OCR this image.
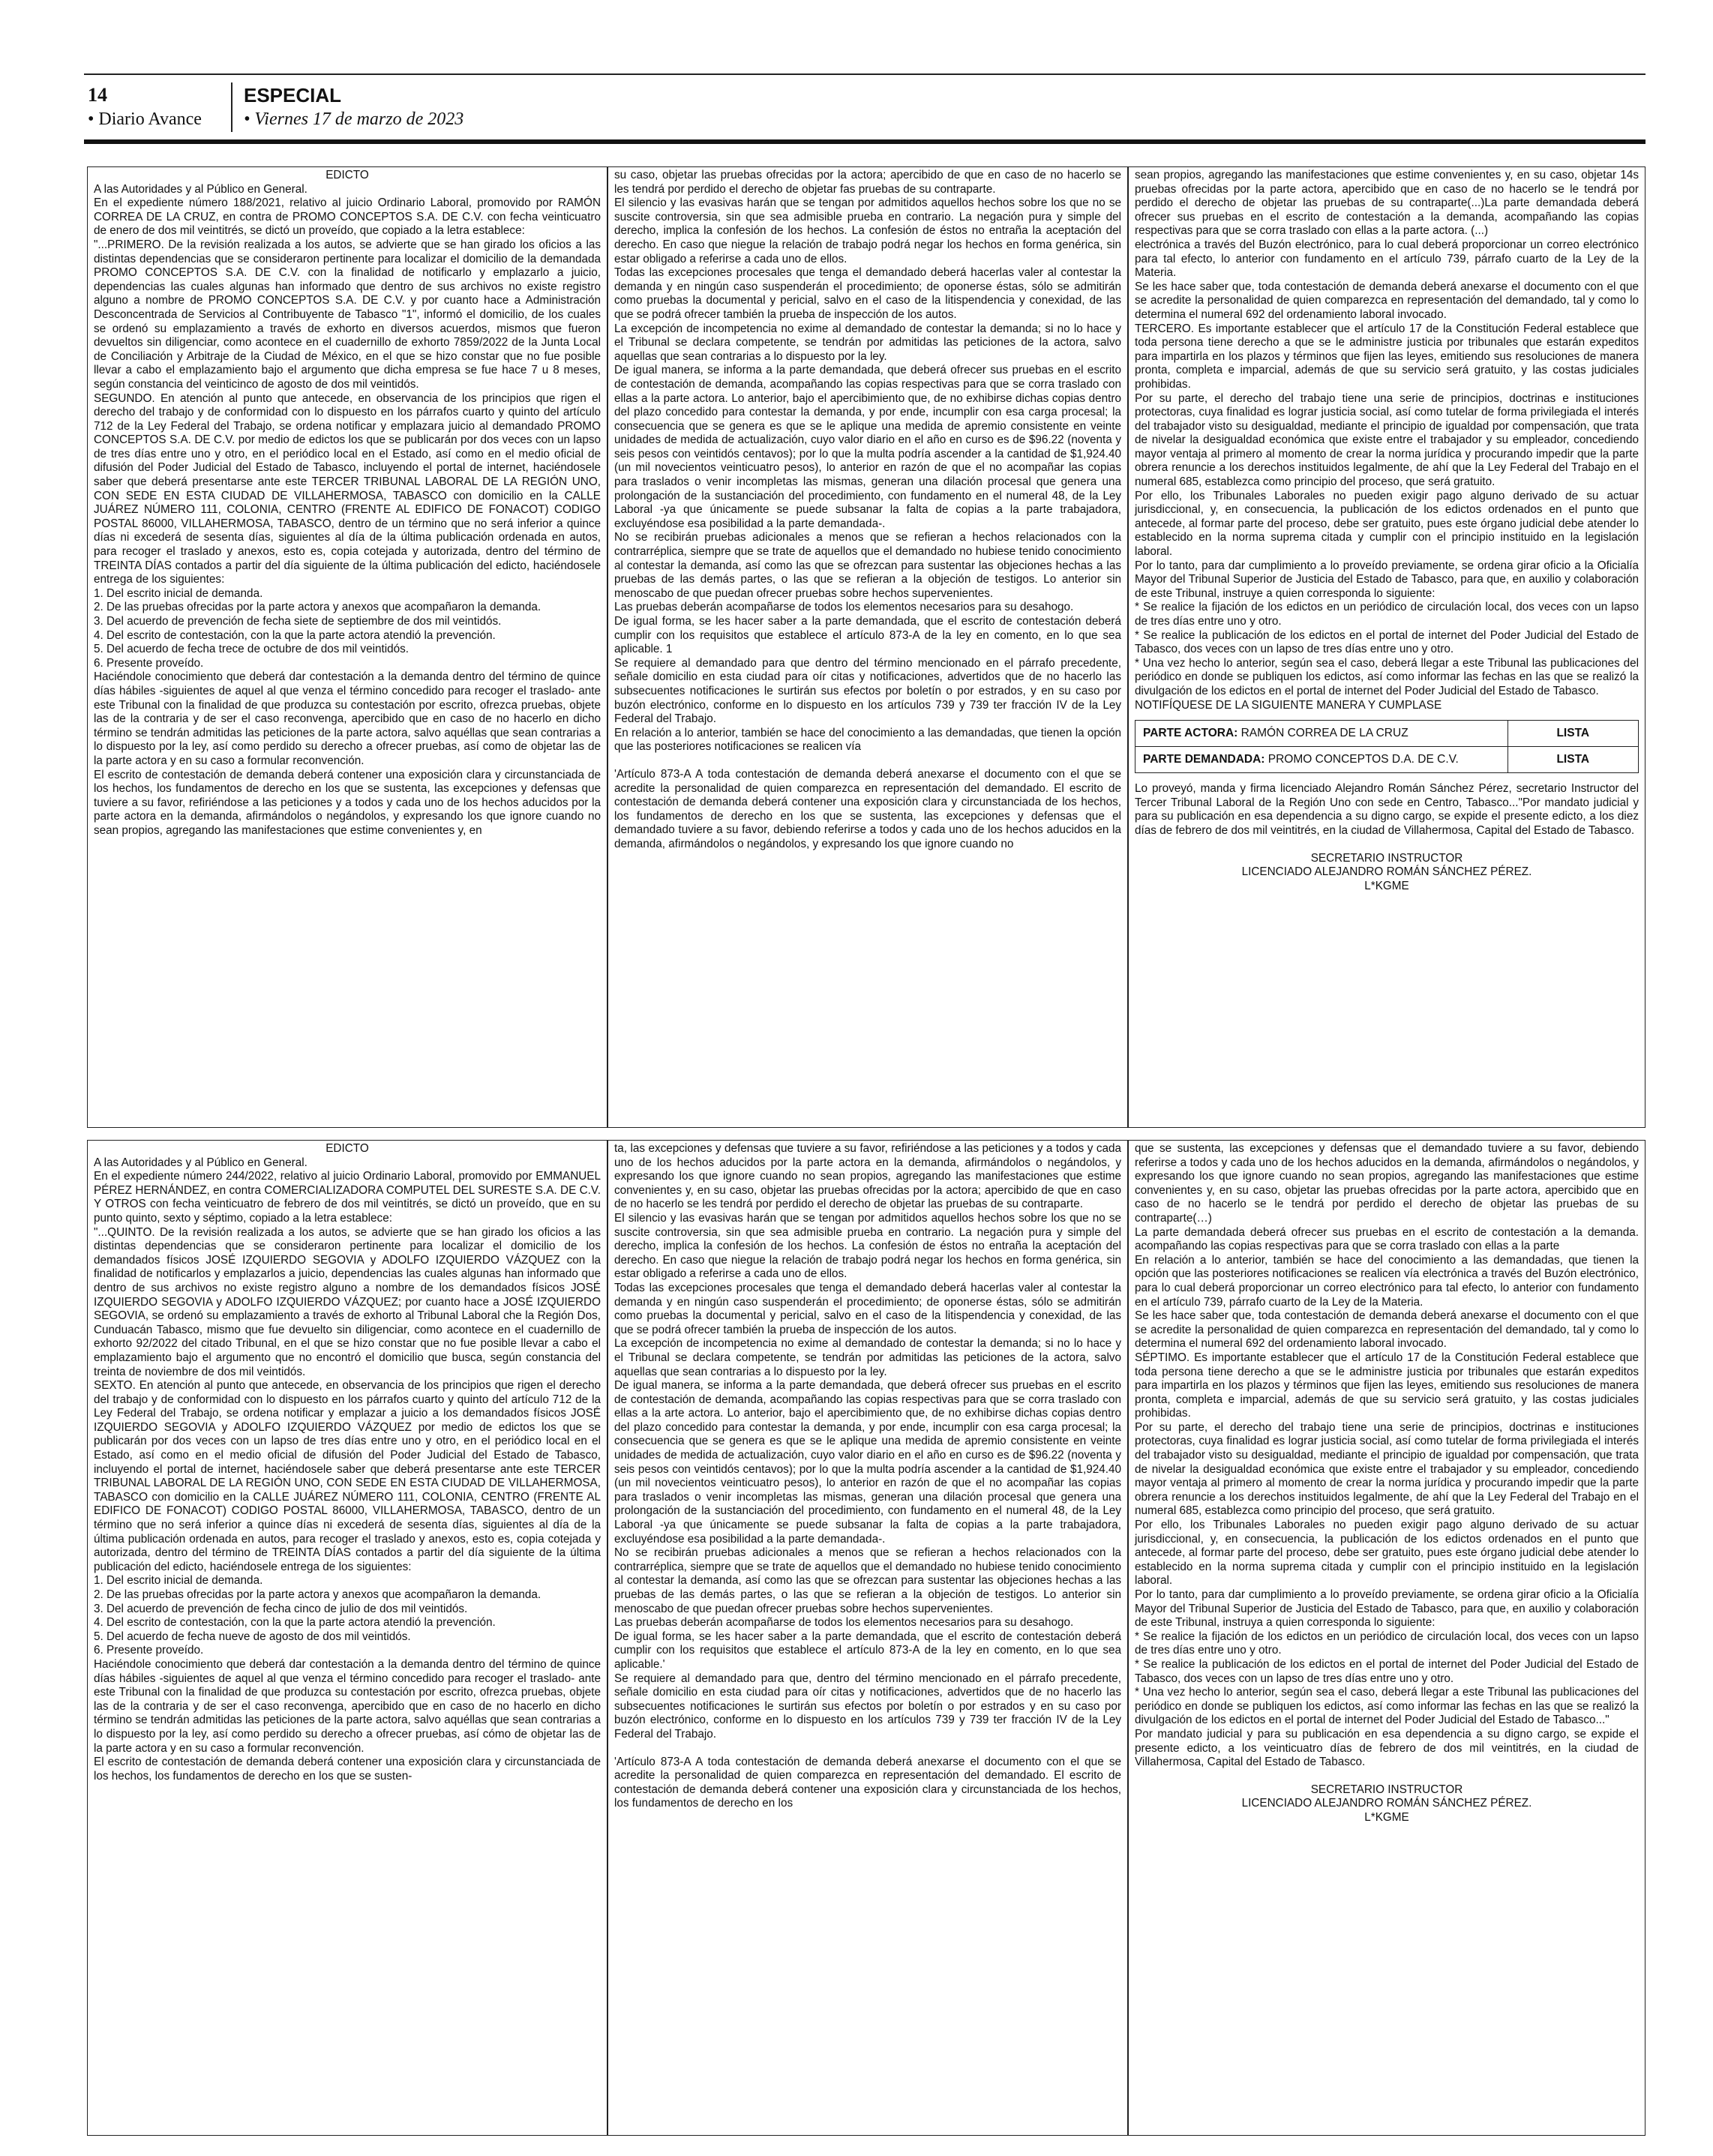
14
• Diario Avance
ESPECIAL
• Viernes 17 de marzo de 2023

EDICTO

A las Autoridades y al Público en General.

En el expediente número 188/2021, relativo al juicio Ordinario Laboral, promovido por RAMÓN CORREA DE LA CRUZ, en contra de PROMO CONCEPTOS S.A. DE C.V. con fecha veinticuatro de enero de dos mil veintitrés, se dictó un proveído, que copiado a la letra establece:

"...PRIMERO. De la revisión realizada a los autos, se advierte que se han girado los oficios a las distintas dependencias que se consideraron pertinente para localizar el domicilio de la demandada PROMO CONCEPTOS S.A. DE C.V. con la finalidad de notificarlo y emplazarlo a juicio, dependencias las cuales algunas han informado que dentro de sus archivos no existe registro alguno a nombre de PROMO CONCEPTOS S.A. DE C.V. y por cuanto hace a Administración Desconcentrada de Servicios al Contribuyente de Tabasco "1", informó el domicilio, de los cuales se ordenó su emplazamiento a través de exhorto en diversos acuerdos, mismos que fueron devueltos sin diligenciar, como acontece en el cuadernillo de exhorto 7859/2022 de la Junta Local de Conciliación y Arbitraje de la Ciudad de México, en el que se hizo constar que no fue posible llevar a cabo el emplazamiento bajo el argumento que dicha empresa se fue hace 7 u 8 meses, según constancia del veinticinco de agosto de dos mil veintidós.

SEGUNDO. En atención al punto que antecede, en observancia de los principios que rigen el derecho del trabajo y de conformidad con lo dispuesto en los párrafos cuarto y quinto del artículo 712 de la Ley Federal del Trabajo, se ordena notificar y emplazara juicio al demandado PROMO CONCEPTOS S.A. DE C.V. por medio de edictos los que se publicarán por dos veces con un lapso de tres días entre uno y otro, en el periódico local en el Estado, así como en el medio oficial de difusión del Poder Judicial del Estado de Tabasco, incluyendo el portal de internet, haciéndosele saber que deberá presentarse ante este TERCER TRIBUNAL LABORAL DE LA REGIÓN UNO, CON SEDE EN ESTA CIUDAD DE VILLAHERMOSA, TABASCO con domicilio en la CALLE JUÁREZ NÚMERO 111, COLONIA, CENTRO (FRENTE AL EDIFICO DE FONACOT) CODIGO POSTAL 86000, VILLAHERMOSA, TABASCO, dentro de un término que no será inferior a quince días ni excederá de sesenta días, siguientes al día de la última publicación ordenada en autos, para recoger el traslado y anexos, esto es, copia cotejada y autorizada, dentro del término de TREINTA DÍAS contados a partir del día siguiente de la última publicación del edicto, haciéndosele entrega de los siguientes:

1. Del escrito inicial de demanda.

2. De las pruebas ofrecidas por la parte actora y anexos que acompañaron la demanda.

3. Del acuerdo de prevención de fecha siete de septiembre de dos mil veintidós.

4. Del escrito de contestación, con la que la parte actora atendió la prevención.

5. Del acuerdo de fecha trece de octubre de dos mil veintidós.

6. Presente proveído.

Haciéndole conocimiento que deberá dar contestación a la demanda dentro del término de quince días hábiles -siguientes de aquel al que venza el término concedido para recoger el traslado- ante este Tribunal con la finalidad de que produzca su contestación por escrito, ofrezca pruebas, objete las de la contraria y de ser el caso reconvenga, apercibido que en caso de no hacerlo en dicho término se tendrán admitidas las peticiones de la parte actora, salvo aquéllas que sean contrarias a lo dispuesto por la ley, así como perdido su derecho a ofrecer pruebas, así como de objetar las de la parte actora y en su caso a formular reconvención.

El escrito de contestación de demanda deberá contener una exposición clara y circunstanciada de los hechos, los fundamentos de derecho en los que se sustenta, las excepciones y defensas que tuviere a su favor, refiriéndose a las peticiones y a todos y cada uno de los hechos aducidos por la parte actora en la demanda, afirmándolos o negándolos, y expresando los que ignore cuando no sean propios, agregando las manifestaciones que estime convenientes y, en

su caso, objetar las pruebas ofrecidas por la actora; apercibido de que en caso de no hacerlo se les tendrá por perdido el derecho de objetar fas pruebas de su contraparte.

El silencio y las evasivas harán que se tengan por admitidos aquellos hechos sobre los que no se suscite controversia, sin que sea admisible prueba en contrario. La negación pura y simple del derecho, implica la confesión de los hechos. La confesión de éstos no entraña la aceptación del derecho. En caso que niegue la relación de trabajo podrá negar los hechos en forma genérica, sin estar obligado a referirse a cada uno de ellos.

Todas las excepciones procesales que tenga el demandado deberá hacerlas valer al contestar la demanda y en ningún caso suspenderán el procedimiento; de oponerse éstas, sólo se admitirán como pruebas la documental y pericial, salvo en el caso de la litispendencia y conexidad, de las que se podrá ofrecer también la prueba de inspección de los autos.

La excepción de incompetencia no exime al demandado de contestar la demanda; si no lo hace y el Tribunal se declara competente, se tendrán por admitidas las peticiones de la actora, salvo aquellas que sean contrarias a lo dispuesto por la ley.

De igual manera, se informa a la parte demandada, que deberá ofrecer sus pruebas en el escrito de contestación de demanda, acompañando las copias respectivas para que se corra traslado con ellas a la parte actora. Lo anterior, bajo el apercibimiento que, de no exhibirse dichas copias dentro del plazo concedido para contestar la demanda, y por ende, incumplir con esa carga procesal; la consecuencia que se genera es que se le aplique una medida de apremio consistente en veinte unidades de medida de actualización, cuyo valor diario en el año en curso es de $96.22 (noventa y seis pesos con veintidós centavos); por lo que la multa podría ascender a la cantidad de $1,924.40 (un mil novecientos veinticuatro pesos), lo anterior en razón de que el no acompañar las copias para traslados o venir incompletas las mismas, generan una dilación procesal que genera una prolongación de la sustanciación del procedimiento, con fundamento en el numeral 48, de la Ley Laboral -ya que únicamente se puede subsanar la falta de copias a la parte trabajadora, excluyéndose esa posibilidad a la parte demandada-.

No se recibirán pruebas adicionales a menos que se refieran a hechos relacionados con la contrarréplica, siempre que se trate de aquellos que el demandado no hubiese tenido conocimiento al contestar la demanda, así como las que se ofrezcan para sustentar las objeciones hechas a las pruebas de las demás partes, o las que se refieran a la objeción de testigos. Lo anterior sin menoscabo de que puedan ofrecer pruebas sobre hechos supervenientes.

Las pruebas deberán acompañarse de todos los elementos necesarios para su desahogo.

De igual forma, se les hacer saber a la parte demandada, que el escrito de contestación deberá cumplir con los requisitos que establece el artículo 873-A de la ley en comento, en lo que sea aplicable. 1

Se requiere al demandado para que dentro del término mencionado en el párrafo precedente, señale domicilio en esta ciudad para oír citas y notificaciones, advertidos que de no hacerlo las subsecuentes notificaciones le surtirán sus efectos por boletín o por estrados, y en su caso por buzón electrónico, conforme en lo dispuesto en los artículos 739 y 739 ter fracción IV de la Ley Federal del Trabajo.

En relación a lo anterior, también se hace del conocimiento a las demandadas, que tienen la opción que las posteriores notificaciones se realicen vía

'Artículo 873-A A toda contestación de demanda deberá anexarse el documento con el que se acredite la personalidad de quien comparezca en representación del demandado. El escrito de contestación de demanda deberá contener una exposición clara y circunstanciada de los hechos, los fundamentos de derecho en los que se sustenta, las excepciones y defensas que el demandado tuviere a su favor, debiendo referirse a todos y cada uno de los hechos aducidos en la demanda, afirmándolos o negándolos, y expresando los que ignore cuando no

sean propios, agregando las manifestaciones que estime convenientes y, en su caso, objetar 14s pruebas ofrecidas por la parte actora, apercibido que en caso de no hacerlo se le tendrá por perdido el derecho de objetar las pruebas de su contraparte(...)La parte demandada deberá ofrecer sus pruebas en el escrito de contestación a la demanda, acompañando las copias respectivas para que se corra traslado con ellas a la parte actora. (...)

electrónica a través del Buzón electrónico, para lo cual deberá proporcionar un correo electrónico para tal efecto, lo anterior con fundamento en el artículo 739, párrafo cuarto de la Ley de la Materia.

Se les hace saber que, toda contestación de demanda deberá anexarse el documento con el que se acredite la personalidad de quien comparezca en representación del demandado, tal y como lo determina el numeral 692 del ordenamiento laboral invocado.

TERCERO. Es importante establecer que el artículo 17 de la Constitución Federal establece que toda persona tiene derecho a que se le administre justicia por tribunales que estarán expeditos para impartirla en los plazos y términos que fijen las leyes, emitiendo sus resoluciones de manera pronta, completa e imparcial, además de que su servicio será gratuito, y las costas judiciales prohibidas.

Por su parte, el derecho del trabajo tiene una serie de principios, doctrinas e instituciones protectoras, cuya finalidad es lograr justicia social, así como tutelar de forma privilegiada el interés del trabajador visto su desigualdad, mediante el principio de igualdad por compensación, que trata de nivelar la desigualdad económica que existe entre el trabajador y su empleador, concediendo mayor ventaja al primero al momento de crear la norma jurídica y procurando impedir que la parte obrera renuncie a los derechos instituidos legalmente, de ahí que la Ley Federal del Trabajo en el numeral 685, establezca como principio del proceso, que será gratuito.

Por ello, los Tribunales Laborales no pueden exigir pago alguno derivado de su actuar jurisdiccional, y, en consecuencia, la publicación de los edictos ordenados en el punto que antecede, al formar parte del proceso, debe ser gratuito, pues este órgano judicial debe atender lo establecido en la norma suprema citada y cumplir con el principio instituido en la legislación laboral.

Por lo tanto, para dar cumplimiento a lo proveído previamente, se ordena girar oficio a la Oficialía Mayor del Tribunal Superior de Justicia del Estado de Tabasco, para que, en auxilio y colaboración de este Tribunal, instruye a quien corresponda lo siguiente:

* Se realice la fijación de los edictos en un periódico de circulación local, dos veces con un lapso de tres días entre uno y otro.

* Se realice la publicación de los edictos en el portal de internet del Poder Judicial del Estado de Tabasco, dos veces con un lapso de tres días entre uno y otro.

* Una vez hecho lo anterior, según sea el caso, deberá llegar a este Tribunal las publicaciones del periódico en donde se publiquen los edictos, así como informar las fechas en las que se realizó la divulgación de los edictos en el portal de internet del Poder Judicial del Estado de Tabasco.

NOTIFÍQUESE DE LA SIGUIENTE MANERA Y CUMPLASE

PARTE ACTORA: RAMÓN CORREA DE LA CRUZ	LISTA
PARTE DEMANDADA: PROMO CONCEPTOS D.A. DE C.V.	LISTA

Lo proveyó, manda y firma licenciado Alejandro Román Sánchez Pérez, secretario Instructor del Tercer Tribunal Laboral de la Región Uno con sede en Centro, Tabasco..."Por mandato judicial y para su publicación en esa dependencia a su digno cargo, se expide el presente edicto, a los diez días de febrero de dos mil veintitrés, en la ciudad de Villahermosa, Capital del Estado de Tabasco.

SECRETARIO INSTRUCTOR

LICENCIADO ALEJANDRO ROMÁN SÁNCHEZ PÉREZ.

L*KGME

EDICTO

A las Autoridades y al Público en General.

En el expediente número 244/2022, relativo al juicio Ordinario Laboral, promovido por EMMANUEL PÉREZ HERNÁNDEZ, en contra COMERCIALIZADORA COMPUTEL DEL SURESTE S.A. DE C.V. Y OTROS con fecha veinticuatro de febrero de dos mil veintitrés, se dictó un proveído, que en su punto quinto, sexto y séptimo, copiado a la letra establece:

"...QUINTO. De la revisión realizada a los autos, se advierte que se han girado los oficios a las distintas dependencias que se consideraron pertinente para localizar el domicilio de los demandados físicos JOSÉ IZQUIERDO SEGOVIA y ADOLFO IZQUIERDO VÁZQUEZ con la finalidad de notificarlos y emplazarlos a juicio, dependencias las cuales algunas han informado que dentro de sus archivos no existe registro alguno a nombre de los demandados físicos JOSÉ IZQUIERDO SEGOVIA y ADOLFO IZQUIERDO VÁZQUEZ; por cuanto hace a JOSÉ IZQUIERDO SEGOVIA, se ordenó su emplazamiento a través de exhorto al Tribunal Laboral che la Región Dos, Cunduacán Tabasco, mismo que fue devuelto sin diligenciar, como acontece en el cuadernillo de exhorto 92/2022 del citado Tribunal, en el que se hizo constar que no fue posible llevar a cabo el emplazamiento bajo el argumento que no encontró el domicilio que busca, según constancia del treinta de noviembre de dos mil veintidós.

SEXTO. En atención al punto que antecede, en observancia de los principios que rigen el derecho del trabajo y de conformidad con lo dispuesto en los párrafos cuarto y quinto del artículo 712 de la Ley Federal del Trabajo, se ordena notificar y emplazar a juicio a los demandados físicos JOSÉ IZQUIERDO SEGOVIA y ADOLFO IZQUIERDO VÁZQUEZ por medio de edictos los que se publicarán por dos veces con un lapso de tres días entre uno y otro, en el periódico local en el Estado, así como en el medio oficial de difusión del Poder Judicial del Estado de Tabasco, incluyendo el portal de internet, haciéndosele saber que deberá presentarse ante este TERCER TRIBUNAL LABORAL DE LA REGIÓN UNO, CON SEDE EN ESTA CIUDAD DE VILLAHERMOSA, TABASCO con domicilio en la CALLE JUÁREZ NÚMERO 111, COLONIA, CENTRO (FRENTE AL EDIFICO DE FONACOT) CODIGO POSTAL 86000, VILLAHERMOSA, TABASCO, dentro de un término que no será inferior a quince días ni excederá de sesenta días, siguientes al día de la última publicación ordenada en autos, para recoger el traslado y anexos, esto es, copia cotejada y autorizada, dentro del término de TREINTA DÍAS contados a partir del día siguiente de la última publicación del edicto, haciéndosele entrega de los siguientes:

1. Del escrito inicial de demanda.

2. De las pruebas ofrecidas por la parte actora y anexos que acompañaron la demanda.

3. Del acuerdo de prevención de fecha cinco de julio de dos mil veintidós.

4. Del escrito de contestación, con la que la parte actora atendió la prevención.

5. Del acuerdo de fecha nueve de agosto de dos mil veintidós.

6. Presente proveído.

Haciéndole conocimiento que deberá dar contestación a la demanda dentro del término de quince días hábiles -siguientes de aquel al que venza el término concedido para recoger el traslado- ante este Tribunal con la finalidad de que produzca su contestación por escrito, ofrezca pruebas, objete las de la contraria y de ser el caso reconvenga, apercibido que en caso de no hacerlo en dicho término se tendrán admitidas las peticiones de la parte actora, salvo aquéllas que sean contrarias a lo dispuesto por la ley, así como perdido su derecho a ofrecer pruebas, así cómo de objetar las de la parte actora y en su caso a formular reconvención.

El escrito de contestación de demanda deberá contener una exposición clara y circunstanciada de los hechos, los fundamentos de derecho en los que se susten-

ta, las excepciones y defensas que tuviere a su favor, refiriéndose a las peticiones y a todos y cada uno de los hechos aducidos por la parte actora en la demanda, afirmándolos o negándolos, y expresando los que ignore cuando no sean propios, agregando las manifestaciones que estime convenientes y, en su caso, objetar las pruebas ofrecidas por la actora; apercibido de que en caso de no hacerlo se les tendrá por perdido el derecho de objetar las pruebas de su contraparte.

El silencio y las evasivas harán que se tengan por admitidos aquellos hechos sobre los que no se suscite controversia, sin que sea admisible prueba en contrario. La negación pura y simple del derecho, implica la confesión de los hechos. La confesión de éstos no entraña la aceptación del derecho. En caso que niegue la relación de trabajo podrá negar los hechos en forma genérica, sin estar obligado a referirse a cada uno de ellos.

Todas las excepciones procesales que tenga el demandado deberá hacerlas valer al contestar la demanda y en ningún caso suspenderán el procedimiento; de oponerse éstas, sólo se admitirán como pruebas la documental y pericial, salvo en el caso de la litispendencia y conexidad, de las que se podrá ofrecer también la prueba de inspección de los autos.

La excepción de incompetencia no exime al demandado de contestar la demanda; si no lo hace y el Tribunal se declara competente, se tendrán por admitidas las peticiones de la actora, salvo aquellas que sean contrarias a lo dispuesto por la ley.

De igual manera, se informa a la parte demandada, que deberá ofrecer sus pruebas en el escrito de contestación de demanda, acompañando las copias respectivas para que se corra traslado con ellas a la arte actora. Lo anterior, bajo el apercibimiento que, de no exhibirse dichas copias dentro del plazo concedido para contestar la demanda, y por ende, incumplir con esa carga procesal; la consecuencia que se genera es que se le aplique una medida de apremio consistente en veinte unidades de medida de actualización, cuyo valor diario en el año en curso es de $96.22 (noventa y seis pesos con veintidós centavos); por lo que la multa podría ascender a la cantidad de $1,924.40 (un mil novecientos veinticuatro pesos), lo anterior en razón de que el no acompañar las copias para traslados o venir incompletas las mismas, generan una dilación procesal que genera una prolongación de la sustanciación del procedimiento, con fundamento en el numeral 48, de la Ley Laboral -ya que únicamente se puede subsanar la falta de copias a la parte trabajadora, excluyéndose esa posibilidad a la parte demandada-.

No se recibirán pruebas adicionales a menos que se refieran a hechos relacionados con la contrarréplica, siempre que se trate de aquellos que el demandado no hubiese tenido conocimiento al contestar la demanda, así como las que se ofrezcan para sustentar las objeciones hechas a las pruebas de las demás partes, o las que se refieran a la objeción de testigos. Lo anterior sin menoscabo de que puedan ofrecer pruebas sobre hechos supervenientes.

Las pruebas deberán acompañarse de todos los elementos necesarios para su desahogo.

De igual forma, se les hacer saber a la parte demandada, que el escrito de contestación deberá cumplir con los requisitos que establece el artículo 873-A de la ley en comento, en lo que sea aplicable.'

Se requiere al demandado para que, dentro del término mencionado en el párrafo precedente, señale domicilio en esta ciudad para oír citas y notificaciones, advertidos que de no hacerlo las subsecuentes notificaciones le surtirán sus efectos por boletín o por estrados y en su caso por buzón electrónico, conforme en lo dispuesto en los artículos 739 y 739 ter fracción IV de la Ley Federal del Trabajo.

'Artículo 873-A A toda contestación de demanda deberá anexarse el documento con el que se acredite la personalidad de quien comparezca en representación del demandado. El escrito de contestación de demanda deberá contener una exposición clara y circunstanciada de los hechos, los fundamentos de derecho en los

que se sustenta, las excepciones y defensas que el demandado tuviere a su favor, debiendo referirse a todos y cada uno de los hechos aducidos en la demanda, afirmándolos o negándolos, y expresando los que ignore cuando no sean propios, agregando las manifestaciones que estime convenientes y, en su caso, objetar las pruebas ofrecidas por la parte actora, apercibido que en caso de no hacerlo se le tendrá por perdido el derecho de objetar las pruebas de su contraparte(…)

La parte demandada deberá ofrecer sus pruebas en el escrito de contestación a la demanda. acompañando las copias respectivas para que se corra traslado con ellas a la parte

En relación a lo anterior, también se hace del conocimiento a las demandadas, que tienen la opción que las posteriores notificaciones se realicen vía electrónica a través del Buzón electrónico, para lo cual deberá proporcionar un correo electrónico para tal efecto, lo anterior con fundamento en el artículo 739, párrafo cuarto de la Ley de la Materia.

Se les hace saber que, toda contestación de demanda deberá anexarse el documento con el que se acredite la personalidad de quien comparezca en representación del demandado, tal y como lo determina el numeral 692 del ordenamiento laboral invocado.

SÉPTIMO. Es importante establecer que el artículo 17 de la Constitución Federal establece que toda persona tiene derecho a que se le administre justicia por tribunales que estarán expeditos para impartirla en los plazos y términos que fijen las leyes, emitiendo sus resoluciones de manera pronta, completa e imparcial, además de que su servicio será gratuito, y las costas judiciales prohibidas.

Por su parte, el derecho del trabajo tiene una serie de principios, doctrinas e instituciones protectoras, cuya finalidad es lograr justicia social, así como tutelar de forma privilegiada el interés del trabajador visto su desigualdad, mediante el principio de igualdad por compensación, que trata de nivelar la desigualdad económica que existe entre el trabajador y su empleador, concediendo mayor ventaja al primero al momento de crear la norma jurídica y procurando impedir que la parte obrera renuncie a los derechos instituidos legalmente, de ahí que la Ley Federal del Trabajo en el numeral 685, establezca como principio del proceso, que será gratuito.

Por ello, los Tribunales Laborales no pueden exigir pago alguno derivado de su actuar jurisdiccional, y, en consecuencia, la publicación de los edictos ordenados en el punto que antecede, al formar parte del proceso, debe ser gratuito, pues este órgano judicial debe atender lo establecido en la norma suprema citada y cumplir con el principio instituido en la legislación laboral.

Por lo tanto, para dar cumplimiento a lo proveído previamente, se ordena girar oficio a la Oficialía Mayor del Tribunal Superior de Justicia del Estado de Tabasco, para que, en auxilio y colaboración de este Tribunal, instruya a quien corresponda lo siguiente:

* Se realice la fijación de los edictos en un periódico de circulación local, dos veces con un lapso de tres días entre uno y otro.

* Se realice la publicación de los edictos en el portal de internet del Poder Judicial del Estado de Tabasco, dos veces con un lapso de tres días entre uno y otro.

* Una vez hecho lo anterior, según sea el caso, deberá llegar a este Tribunal las publicaciones del periódico en donde se publiquen los edictos, así como informar las fechas en las que se realizó la divulgación de los edictos en el portal de internet del Poder Judicial del Estado de Tabasco..."

Por mandato judicial y para su publicación en esa dependencia a su digno cargo, se expide el presente edicto, a los veinticuatro días de febrero de dos mil veintitrés, en la ciudad de Villahermosa, Capital del Estado de Tabasco.

SECRETARIO INSTRUCTOR

LICENCIADO ALEJANDRO ROMÁN SÁNCHEZ PÉREZ.

L*KGME
